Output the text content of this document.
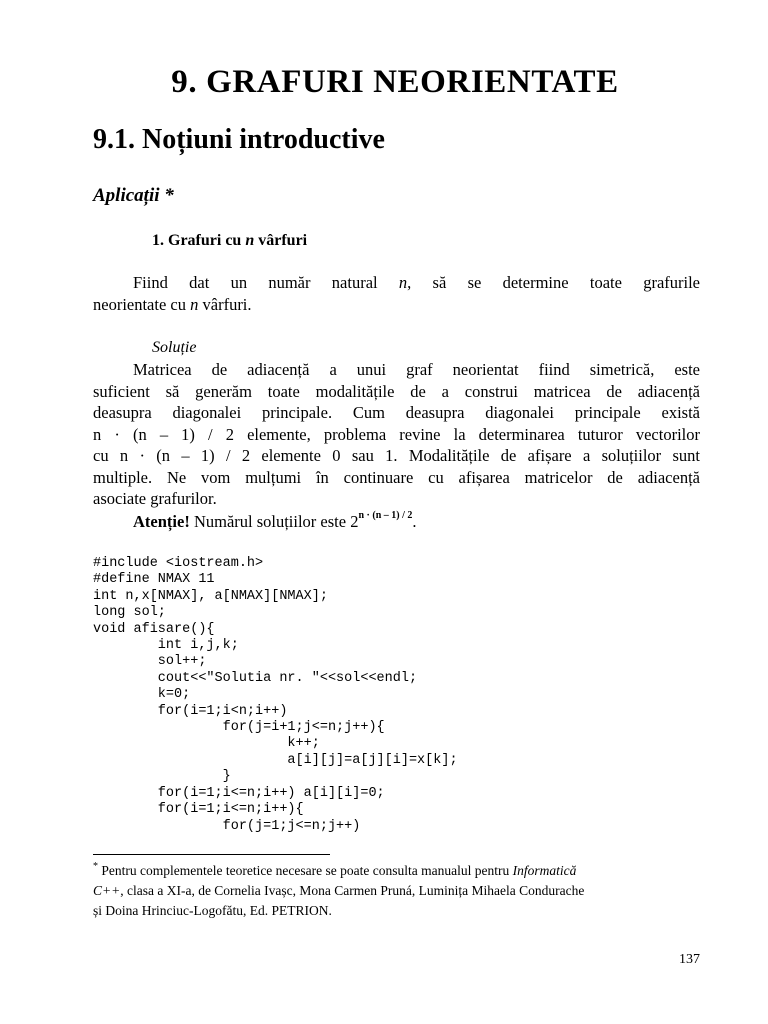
9. GRAFURI NEORIENTATE
9.1. Noțiuni introductive
Aplicații *
1. Grafuri cu n vârfuri

Fiind dat un număr natural n, să se determine toate grafurile
neorientate cu n vârfuri.

Soluție

Matricea de adiacență a unui graf neorientat fiind simetrică, este
suficient să generăm toate modalitățile de a construi matricea de adiacență
deasupra diagonalei principale. Cum deasupra diagonalei principale există
n · (n – 1) / 2 elemente, problema revine la determinarea tuturor vectorilor
cu n · (n – 1) / 2 elemente 0 sau 1. Modalitățile de afișare a soluțiilor sunt
multiple. Ne vom mulțumi în continuare cu afișarea matricelor de adiacență
asociate grafurilor.

Atenție! Numărul soluțiilor este $2^{n \cdot (n - 1) / 2}$.

#include <iostream.h>
#define NMAX 11
int n,x[NMAX], a[NMAX][NMAX];
long sol;
void afisare(){
int i,j,k;
sol++;
cout<<"Solutia nr. "<<sol<<endl;
k=0;
for(i=1;i<n;i++)
for(j=i+1;j<=n;j++){
k++;
a[i][j]=a[j][i]=x[k];
}
for(i=1;i<=n;i++) a[i][i]=0;
for(i=1;i<=n;i++){
for(j=1;j<=n;j++)

* Pentru complementele teoretice necesare se poate consulta manualul pentru Informatică
C++, clasa a XI-a, de Cornelia Ivașc, Mona Carmen Pruná, Luminița Mihaela Condurache
și Doina Hrinciuc-Logofătu, Ed. PETRION.

137
